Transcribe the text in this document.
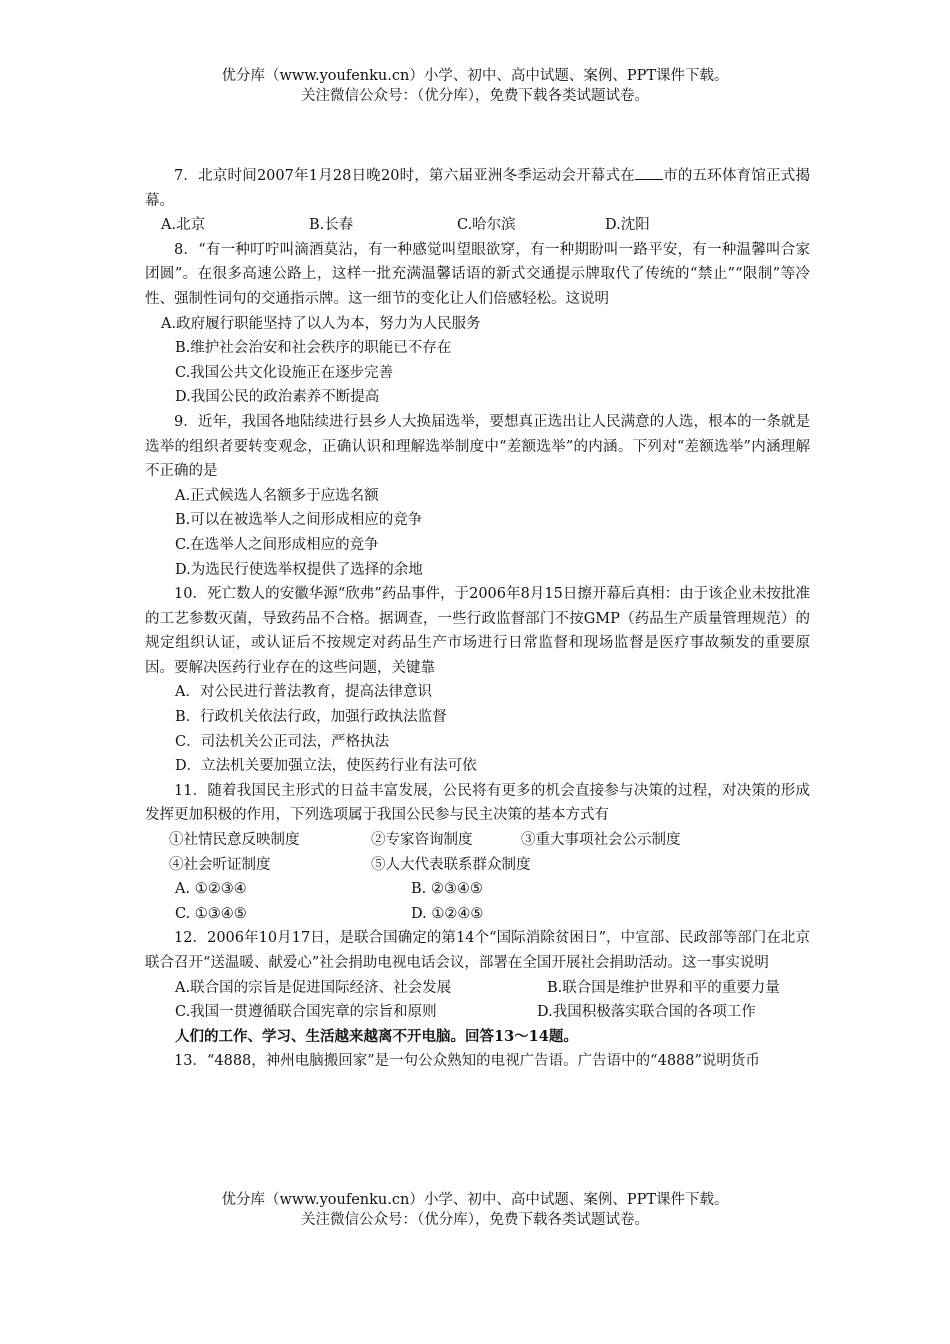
优分库（www.youfenku.cn）小学、初中、高中试题、案例、PPT课件下载。
关注微信公众号：（优分库），免费下载各类试题试卷。

7．北京时间2007年1月28日晚20时，第六届亚洲冬季运动会开幕式在 市的五环体育馆正式揭幕。

A.北京	B.长春	C.哈尔滨	D.沈阳

8．“有一种叮咛叫滴酒莫沾，有一种感觉叫望眼欲穿，有一种期盼叫一路平安，有一种温馨叫合家团圆”。在很多高速公路上，这样一批充满温馨话语的新式交通提示牌取代了传统的“禁止”“限制”等冷性、强制性词句的交通指示牌。这一细节的变化让人们倍感轻松。这说明

A.政府履行职能坚持了以人为本，努力为人民服务
B.维护社会治安和社会秩序的职能已不存在
C.我国公共文化设施正在逐步完善
D.我国公民的政治素养不断提高

9．近年，我国各地陆续进行县乡人大换届选举，要想真正选出让人民满意的人选，根本的一条就是选举的组织者要转变观念，正确认识和理解选举制度中“差额选举”的内涵。下列对“差额选举”内涵理解不正确的是

A.正式候选人名额多于应选名额
B.可以在被选举人之间形成相应的竞争
C.在选举人之间形成相应的竞争
D.为选民行使选举权提供了选择的余地

10．死亡数人的安徽华源“欣弗”药品事件，于2006年8月15日擦开幕后真相：由于该企业未按批准的工艺参数灭菌，导致药品不合格。据调查，一些行政监督部门不按GMP（药品生产质量管理规范）的规定组织认证，或认证后不按规定对药品生产市场进行日常监督和现场监督是医疗事故频发的重要原因。要解决医药行业存在的这些问题，关键靠

A．对公民进行普法教育，提高法律意识
B．行政机关依法行政，加强行政执法监督
C．司法机关公正司法，严格执法
D．立法机关要加强立法，使医药行业有法可依

11．随着我国民主形式的日益丰富发展，公民将有更多的机会直接参与决策的过程，对决策的形成发挥更加积极的作用，下列选项属于我国公民参与民主决策的基本方式有

①社情民意反映制度	②专家咨询制度	③重大事项社会公示制度
④社会听证制度	⑤人大代表联系群众制度
A. ①②③④	B. ②③④⑤
C. ①③④⑤	D. ①②④⑤

12．2006年10月17日，是联合国确定的第14个“国际消除贫困日”，中宣部、民政部等部门在北京联合召开“送温暖、献爱心”社会捐助电视电话会议，部署在全国开展社会捐助活动。这一事实说明

A.联合国的宗旨是促进国际经济、社会发展	B.联合国是维护世界和平的重要力量

C.我国一贯遵循联合国宪章的宗旨和原则	D.我国积极落实联合国的各项工作
人们的工作、学习、生活越来越离不开电脑。回答13～14题。

13．“4888，神州电脑搬回家”是一句公众熟知的电视广告语。广告语中的“4888”说明货币

优分库（www.youfenku.cn）小学、初中、高中试题、案例、PPT课件下载。
关注微信公众号：（优分库），免费下载各类试题试卷。
